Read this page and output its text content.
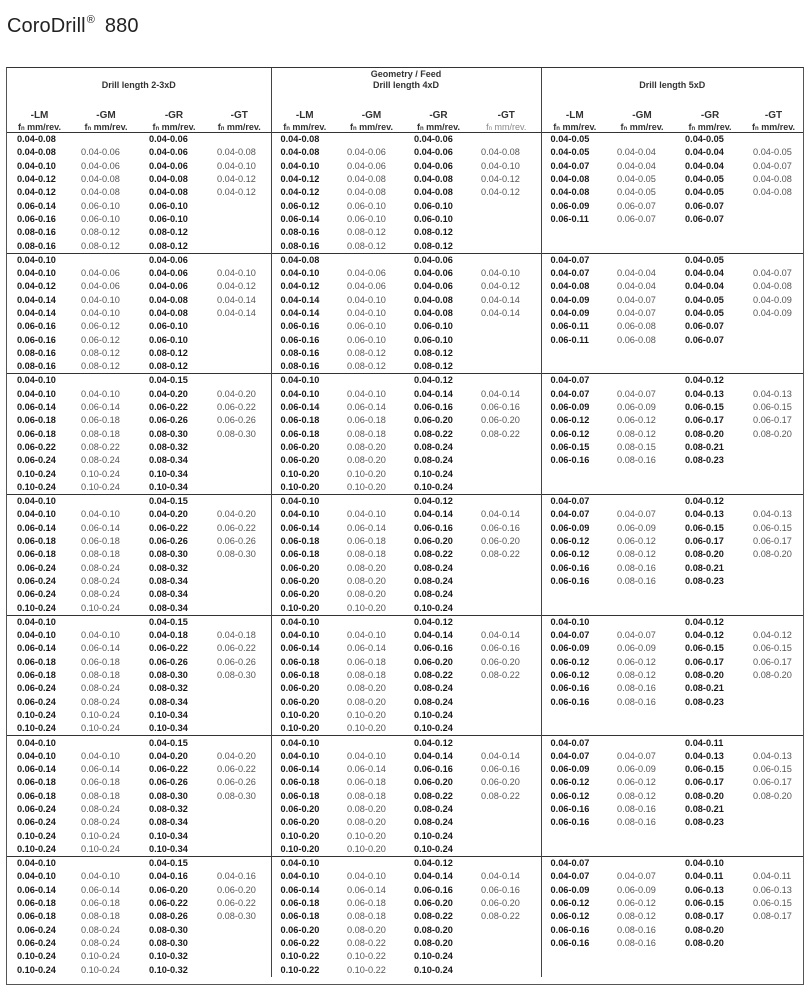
CoroDrill® 880
				Geometry / Feed							
Drill length 2-3xD				Drill length 4xD				Drill length 5xD			

-LM	-GM	-GR	-GT	-LM	-GM	-GR	-GT	-LM	-GM	-GR	-GT
fn mm/rev.	fn mm/rev.	fn mm/rev.	fn mm/rev.	fn mm/rev.	fn mm/rev.	fn mm/rev.	fn mm/rev.	fn mm/rev.	fn mm/rev.	fn mm/rev.	fn mm/rev.
0.04-0.08		0.04-0.06		0.04-0.08		0.04-0.06		0.04-0.05		0.04-0.05	
0.04-0.08	0.04-0.06	0.04-0.06	0.04-0.08	0.04-0.08	0.04-0.06	0.04-0.06	0.04-0.08	0.04-0.05	0.04-0.04	0.04-0.04	0.04-0.05
0.04-0.10	0.04-0.06	0.04-0.06	0.04-0.10	0.04-0.10	0.04-0.06	0.04-0.06	0.04-0.10	0.04-0.07	0.04-0.04	0.04-0.04	0.04-0.07
0.04-0.12	0.04-0.08	0.04-0.08	0.04-0.12	0.04-0.12	0.04-0.08	0.04-0.08	0.04-0.12	0.04-0.08	0.04-0.05	0.04-0.05	0.04-0.08
0.04-0.12	0.04-0.08	0.04-0.08	0.04-0.12	0.04-0.12	0.04-0.08	0.04-0.08	0.04-0.12	0.04-0.08	0.04-0.05	0.04-0.05	0.04-0.08
0.06-0.14	0.06-0.10	0.06-0.10		0.06-0.12	0.06-0.10	0.06-0.10		0.06-0.09	0.06-0.07	0.06-0.07	
0.06-0.16	0.06-0.10	0.06-0.10		0.06-0.14	0.06-0.10	0.06-0.10		0.06-0.11	0.06-0.07	0.06-0.07	
0.08-0.16	0.08-0.12	0.08-0.12		0.08-0.16	0.08-0.12	0.08-0.12					
0.08-0.16	0.08-0.12	0.08-0.12		0.08-0.16	0.08-0.12	0.08-0.12					
0.04-0.10		0.04-0.06		0.04-0.08		0.04-0.06		0.04-0.07		0.04-0.05	
0.04-0.10	0.04-0.06	0.04-0.06	0.04-0.10	0.04-0.10	0.04-0.06	0.04-0.06	0.04-0.10	0.04-0.07	0.04-0.04	0.04-0.04	0.04-0.07
0.04-0.12	0.04-0.06	0.04-0.06	0.04-0.12	0.04-0.12	0.04-0.06	0.04-0.06	0.04-0.12	0.04-0.08	0.04-0.04	0.04-0.04	0.04-0.08
0.04-0.14	0.04-0.10	0.04-0.08	0.04-0.14	0.04-0.14	0.04-0.10	0.04-0.08	0.04-0.14	0.04-0.09	0.04-0.07	0.04-0.05	0.04-0.09
0.04-0.14	0.04-0.10	0.04-0.08	0.04-0.14	0.04-0.14	0.04-0.10	0.04-0.08	0.04-0.14	0.04-0.09	0.04-0.07	0.04-0.05	0.04-0.09
0.06-0.16	0.06-0.12	0.06-0.10		0.06-0.16	0.06-0.10	0.06-0.10		0.06-0.11	0.06-0.08	0.06-0.07	
0.06-0.16	0.06-0.12	0.06-0.10		0.06-0.16	0.06-0.10	0.06-0.10		0.06-0.11	0.06-0.08	0.06-0.07	
0.08-0.16	0.08-0.12	0.08-0.12		0.08-0.16	0.08-0.12	0.08-0.12					
0.08-0.16	0.08-0.12	0.08-0.12		0.08-0.16	0.08-0.12	0.08-0.12					
0.04-0.10		0.04-0.15		0.04-0.10		0.04-0.12		0.04-0.07		0.04-0.12	
0.04-0.10	0.04-0.10	0.04-0.20	0.04-0.20	0.04-0.10	0.04-0.10	0.04-0.14	0.04-0.14	0.04-0.07	0.04-0.07	0.04-0.13	0.04-0.13
0.06-0.14	0.06-0.14	0.06-0.22	0.06-0.22	0.06-0.14	0.06-0.14	0.06-0.16	0.06-0.16	0.06-0.09	0.06-0.09	0.06-0.15	0.06-0.15
0.06-0.18	0.06-0.18	0.06-0.26	0.06-0.26	0.06-0.18	0.06-0.18	0.06-0.20	0.06-0.20	0.06-0.12	0.06-0.12	0.06-0.17	0.06-0.17
0.06-0.18	0.08-0.18	0.08-0.30	0.08-0.30	0.06-0.18	0.08-0.18	0.08-0.22	0.08-0.22	0.06-0.12	0.08-0.12	0.08-0.20	0.08-0.20
0.06-0.22	0.08-0.22	0.08-0.32		0.06-0.20	0.08-0.20	0.08-0.24		0.06-0.15	0.08-0.15	0.08-0.21	
0.06-0.24	0.08-0.24	0.08-0.34		0.06-0.20	0.08-0.20	0.08-0.24		0.06-0.16	0.08-0.16	0.08-0.23	
0.10-0.24	0.10-0.24	0.10-0.34		0.10-0.20	0.10-0.20	0.10-0.24					
0.10-0.24	0.10-0.24	0.10-0.34		0.10-0.20	0.10-0.20	0.10-0.24					
0.04-0.10		0.04-0.15		0.04-0.10		0.04-0.12		0.04-0.07		0.04-0.12	
0.04-0.10	0.04-0.10	0.04-0.20	0.04-0.20	0.04-0.10	0.04-0.10	0.04-0.14	0.04-0.14	0.04-0.07	0.04-0.07	0.04-0.13	0.04-0.13
0.06-0.14	0.06-0.14	0.06-0.22	0.06-0.22	0.06-0.14	0.06-0.14	0.06-0.16	0.06-0.16	0.06-0.09	0.06-0.09	0.06-0.15	0.06-0.15
0.06-0.18	0.06-0.18	0.06-0.26	0.06-0.26	0.06-0.18	0.06-0.18	0.06-0.20	0.06-0.20	0.06-0.12	0.06-0.12	0.06-0.17	0.06-0.17
0.06-0.18	0.08-0.18	0.08-0.30	0.08-0.30	0.06-0.18	0.08-0.18	0.08-0.22	0.08-0.22	0.06-0.12	0.08-0.12	0.08-0.20	0.08-0.20
0.06-0.24	0.08-0.24	0.08-0.32		0.06-0.20	0.08-0.20	0.08-0.24		0.06-0.16	0.08-0.16	0.08-0.21	
0.06-0.24	0.08-0.24	0.08-0.34		0.06-0.20	0.08-0.20	0.08-0.24		0.06-0.16	0.08-0.16	0.08-0.23	
0.06-0.24	0.08-0.24	0.08-0.34		0.06-0.20	0.08-0.20	0.08-0.24					
0.10-0.24	0.10-0.24	0.08-0.34		0.10-0.20	0.10-0.20	0.10-0.24					
0.04-0.10		0.04-0.15		0.04-0.10		0.04-0.12		0.04-0.10		0.04-0.12	
0.04-0.10	0.04-0.10	0.04-0.18	0.04-0.18	0.04-0.10	0.04-0.10	0.04-0.14	0.04-0.14	0.04-0.07	0.04-0.07	0.04-0.12	0.04-0.12
0.06-0.14	0.06-0.14	0.06-0.22	0.06-0.22	0.06-0.14	0.06-0.14	0.06-0.16	0.06-0.16	0.06-0.09	0.06-0.09	0.06-0.15	0.06-0.15
0.06-0.18	0.06-0.18	0.06-0.26	0.06-0.26	0.06-0.18	0.06-0.18	0.06-0.20	0.06-0.20	0.06-0.12	0.06-0.12	0.06-0.17	0.06-0.17
0.06-0.18	0.08-0.18	0.08-0.30	0.08-0.30	0.06-0.18	0.08-0.18	0.08-0.22	0.08-0.22	0.06-0.12	0.08-0.12	0.08-0.20	0.08-0.20
0.06-0.24	0.08-0.24	0.08-0.32		0.06-0.20	0.08-0.20	0.08-0.24		0.06-0.16	0.08-0.16	0.08-0.21	
0.06-0.24	0.08-0.24	0.08-0.34		0.06-0.20	0.08-0.20	0.08-0.24		0.06-0.16	0.08-0.16	0.08-0.23	
0.10-0.24	0.10-0.24	0.10-0.34		0.10-0.20	0.10-0.20	0.10-0.24					
0.10-0.24	0.10-0.24	0.10-0.34		0.10-0.20	0.10-0.20	0.10-0.24					
0.04-0.10		0.04-0.15		0.04-0.10		0.04-0.12		0.04-0.07		0.04-0.11	
0.04-0.10	0.04-0.10	0.04-0.20	0.04-0.20	0.04-0.10	0.04-0.10	0.04-0.14	0.04-0.14	0.04-0.07	0.04-0.07	0.04-0.13	0.04-0.13
0.06-0.14	0.06-0.14	0.06-0.22	0.06-0.22	0.06-0.14	0.06-0.14	0.06-0.16	0.06-0.16	0.06-0.09	0.06-0.09	0.06-0.15	0.06-0.15
0.06-0.18	0.06-0.18	0.06-0.26	0.06-0.26	0.06-0.18	0.06-0.18	0.06-0.20	0.06-0.20	0.06-0.12	0.06-0.12	0.06-0.17	0.06-0.17
0.06-0.18	0.08-0.18	0.08-0.30	0.08-0.30	0.06-0.18	0.08-0.18	0.08-0.22	0.08-0.22	0.06-0.12	0.08-0.12	0.08-0.20	0.08-0.20
0.06-0.24	0.08-0.24	0.08-0.32		0.06-0.20	0.08-0.20	0.08-0.24		0.06-0.16	0.08-0.16	0.08-0.21	
0.06-0.24	0.08-0.24	0.08-0.34		0.06-0.20	0.08-0.20	0.08-0.24		0.06-0.16	0.08-0.16	0.08-0.23	
0.10-0.24	0.10-0.24	0.10-0.34		0.10-0.20	0.10-0.20	0.10-0.24					
0.10-0.24	0.10-0.24	0.10-0.34		0.10-0.20	0.10-0.20	0.10-0.24					
0.04-0.10		0.04-0.15		0.04-0.10		0.04-0.12		0.04-0.07		0.04-0.10	
0.04-0.10	0.04-0.10	0.04-0.16	0.04-0.16	0.04-0.10	0.04-0.10	0.04-0.14	0.04-0.14	0.04-0.07	0.04-0.07	0.04-0.11	0.04-0.11
0.06-0.14	0.06-0.14	0.06-0.20	0.06-0.20	0.06-0.14	0.06-0.14	0.06-0.16	0.06-0.16	0.06-0.09	0.06-0.09	0.06-0.13	0.06-0.13
0.06-0.18	0.06-0.18	0.06-0.22	0.06-0.22	0.06-0.18	0.06-0.18	0.06-0.20	0.06-0.20	0.06-0.12	0.06-0.12	0.06-0.15	0.06-0.15
0.06-0.18	0.08-0.18	0.08-0.26	0.08-0.30	0.06-0.18	0.08-0.18	0.08-0.22	0.08-0.22	0.06-0.12	0.08-0.12	0.08-0.17	0.08-0.17
0.06-0.24	0.08-0.24	0.08-0.30		0.06-0.20	0.08-0.20	0.08-0.20		0.06-0.16	0.08-0.16	0.08-0.20	
0.06-0.24	0.08-0.24	0.08-0.30		0.06-0.22	0.08-0.22	0.08-0.20		0.06-0.16	0.08-0.16	0.08-0.20	
0.10-0.24	0.10-0.24	0.10-0.32		0.10-0.22	0.10-0.22	0.10-0.24					
0.10-0.24	0.10-0.24	0.10-0.32		0.10-0.22	0.10-0.22	0.10-0.24					
